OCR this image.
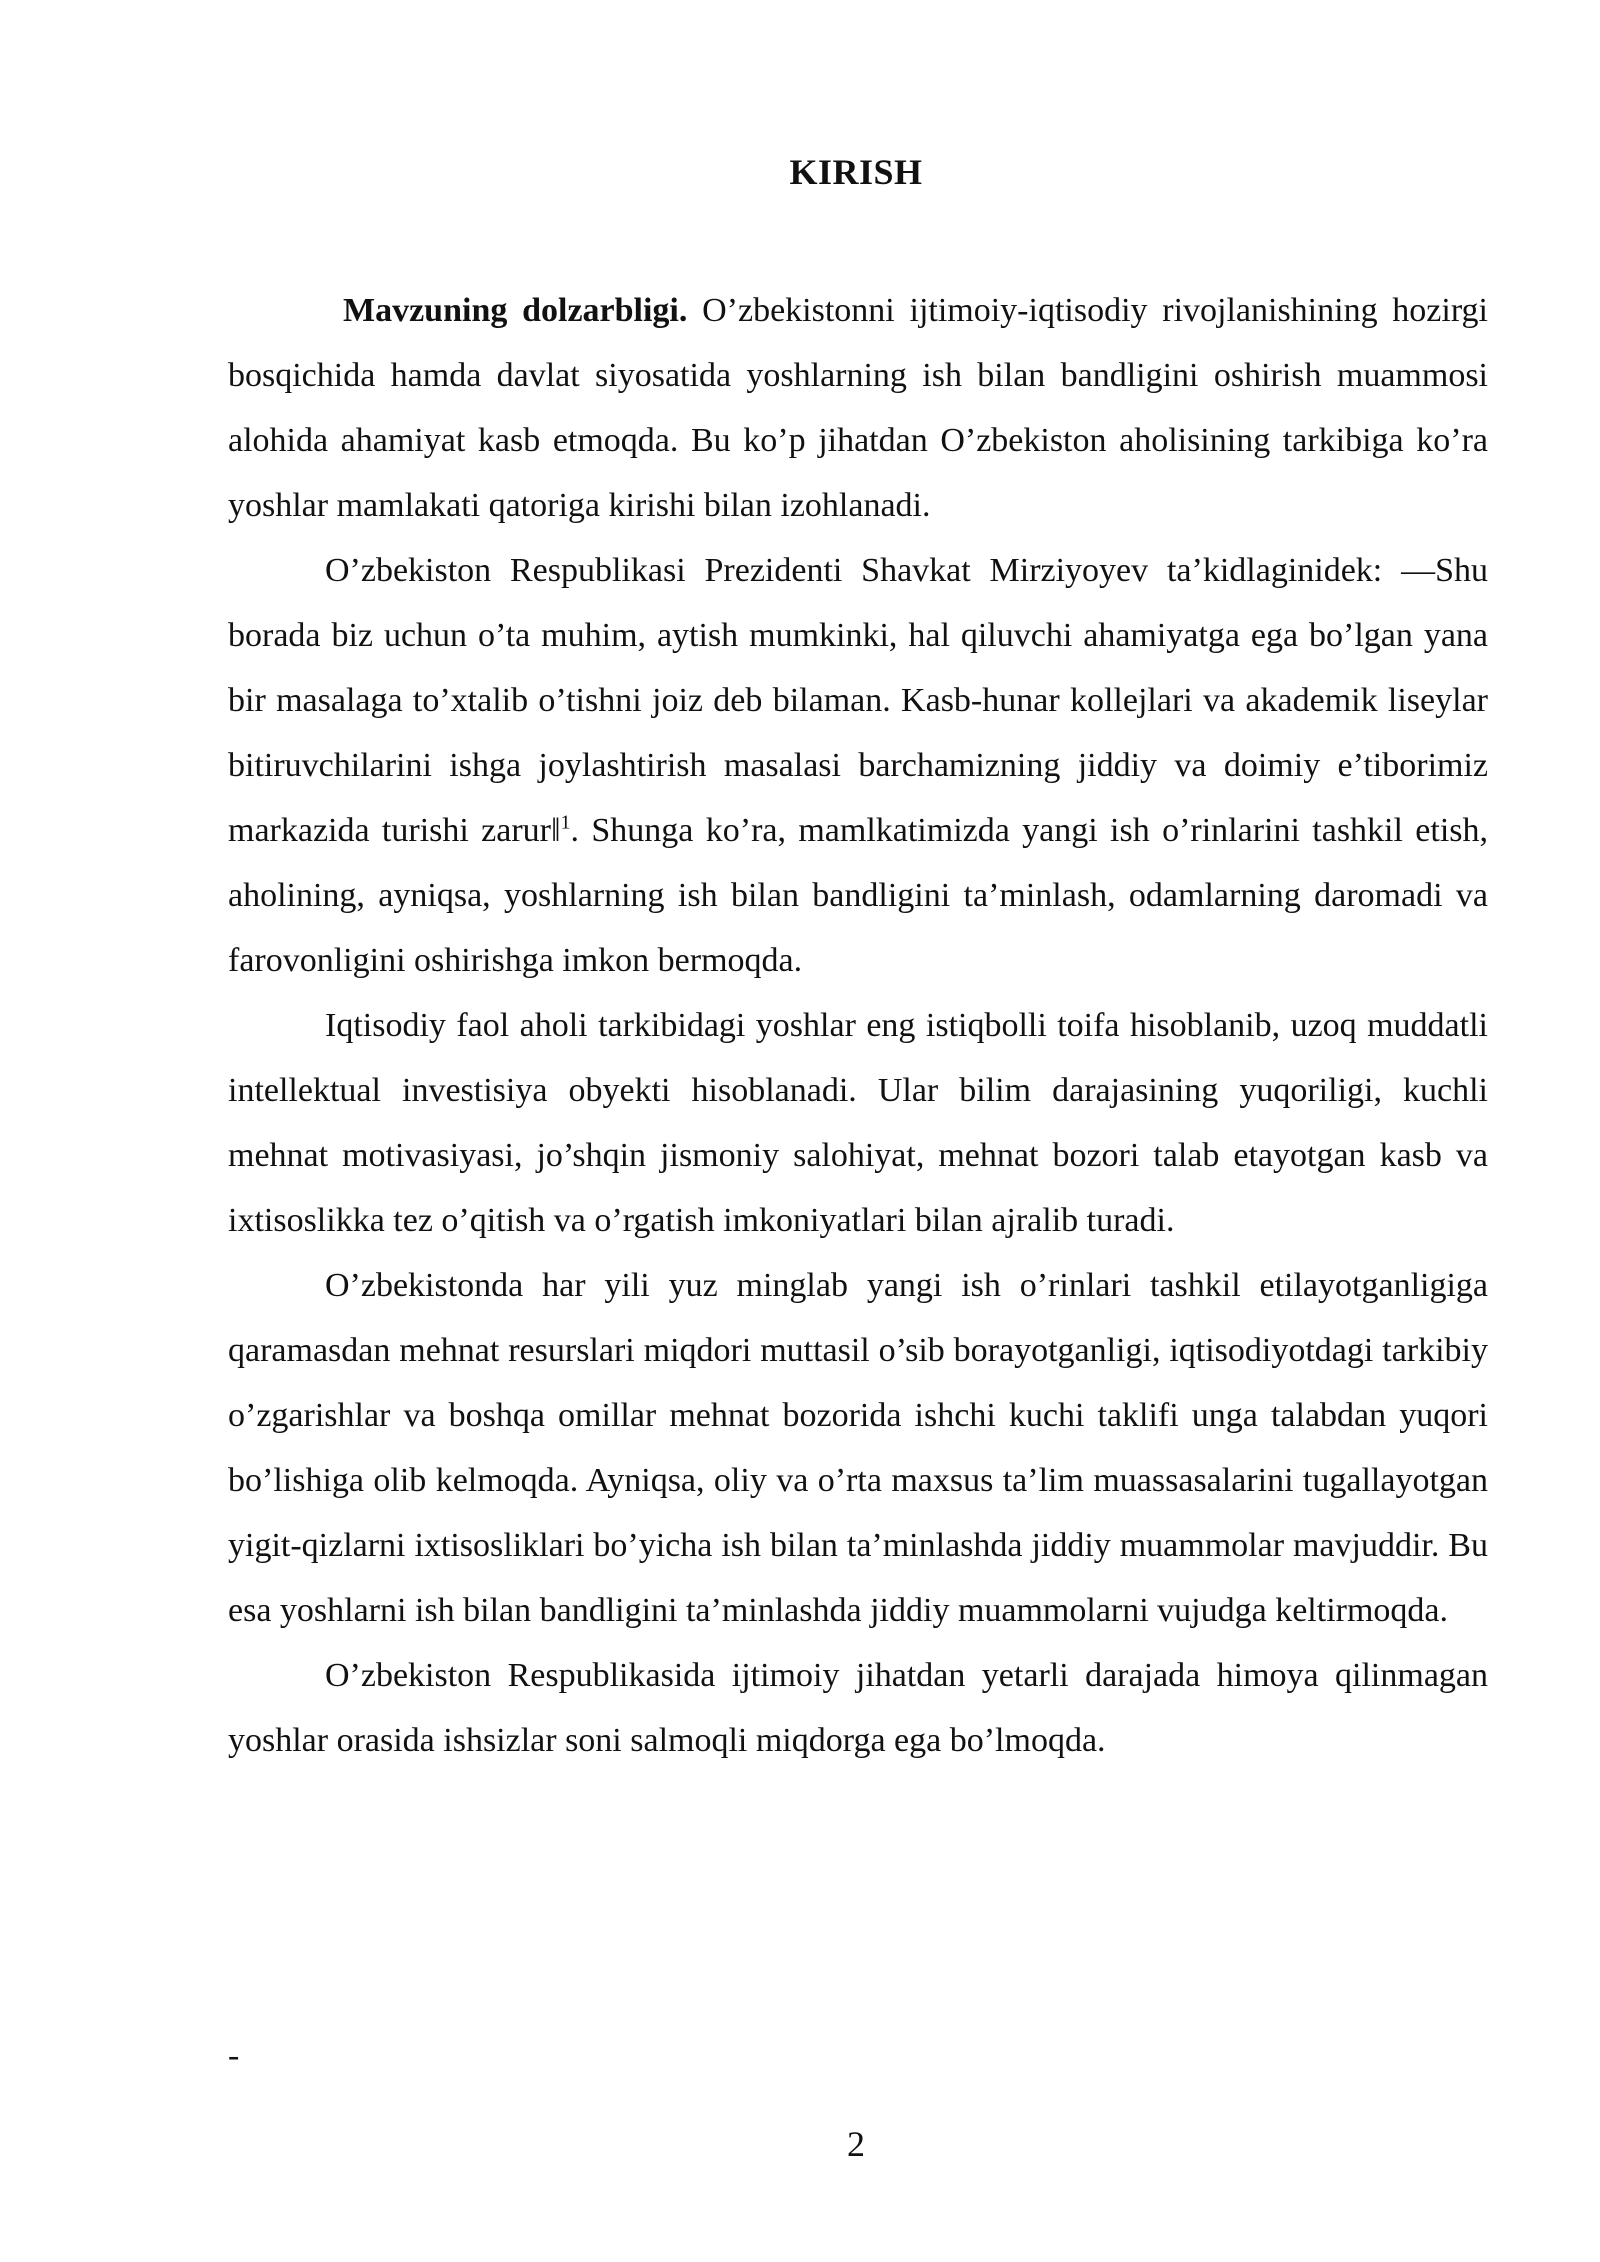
KIRISH

Mavzuning dolzarbligi. O’zbekistonni ijtimoiy-iqtisodiy rivojlanishining hozirgi bosqichida hamda davlat siyosatida yoshlarning ish bilan bandligini oshirish muammosi alohida ahamiyat kasb etmoqda. Bu ko’p jihatdan O’zbekiston aholisining tarkibiga ko’ra yoshlar mamlakati qatoriga kirishi bilan izohlanadi.

O’zbekiston Respublikasi Prezidenti Shavkat Mirziyoyev ta’kidlaginidek: ―Shu borada biz uchun o’ta muhim, aytish mumkinki, hal qiluvchi ahamiyatga ega bo’lgan yana bir masalaga to’xtalib o’tishni joiz deb bilaman. Kasb-hunar kollejlari va akademik liseylar bitiruvchilarini ishga joylashtirish masalasi barchamizning jiddiy va doimiy e’tiborimiz markazida turishi zarur‖$^1$. Shunga ko’ra, mamlkatimizda yangi ish o’rinlarini tashkil etish, aholining, ayniqsa, yoshlarning ish bilan bandligini ta’minlash, odamlarning daromadi va farovonligini oshirishga imkon bermoqda.

Iqtisodiy faol aholi tarkibidagi yoshlar eng istiqbolli toifa hisoblanib, uzoq muddatli intellektual investisiya obyekti hisoblanadi. Ular bilim darajasining yuqoriligi, kuchli mehnat motivasiyasi, jo’shqin jismoniy salohiyat, mehnat bozori talab etayotgan kasb va ixtisoslikka tez o’qitish va o’rgatish imkoniyatlari bilan ajralib turadi.

O’zbekistonda har yili yuz minglab yangi ish o’rinlari tashkil etilayotganligiga qaramasdan mehnat resurslari miqdori muttasil o’sib borayotganligi, iqtisodiyotdagi tarkibiy o’zgarishlar va boshqa omillar mehnat bozorida ishchi kuchi taklifi unga talabdan yuqori bo’lishiga olib kelmoqda. Ayniqsa, oliy va o’rta maxsus ta’lim muassasalarini tugallayotgan yigit-qizlarni ixtisosliklari bo’yicha ish bilan ta’minlashda jiddiy muammolar mavjuddir. Bu esa yoshlarni ish bilan bandligini ta’minlashda jiddiy muammolarni vujudga keltirmoqda.

O’zbekiston Respublikasida ijtimoiy jihatdan yetarli darajada himoya qilinmagan yoshlar orasida ishsizlar soni salmoqli miqdorga ega bo’lmoqda.

-
2
